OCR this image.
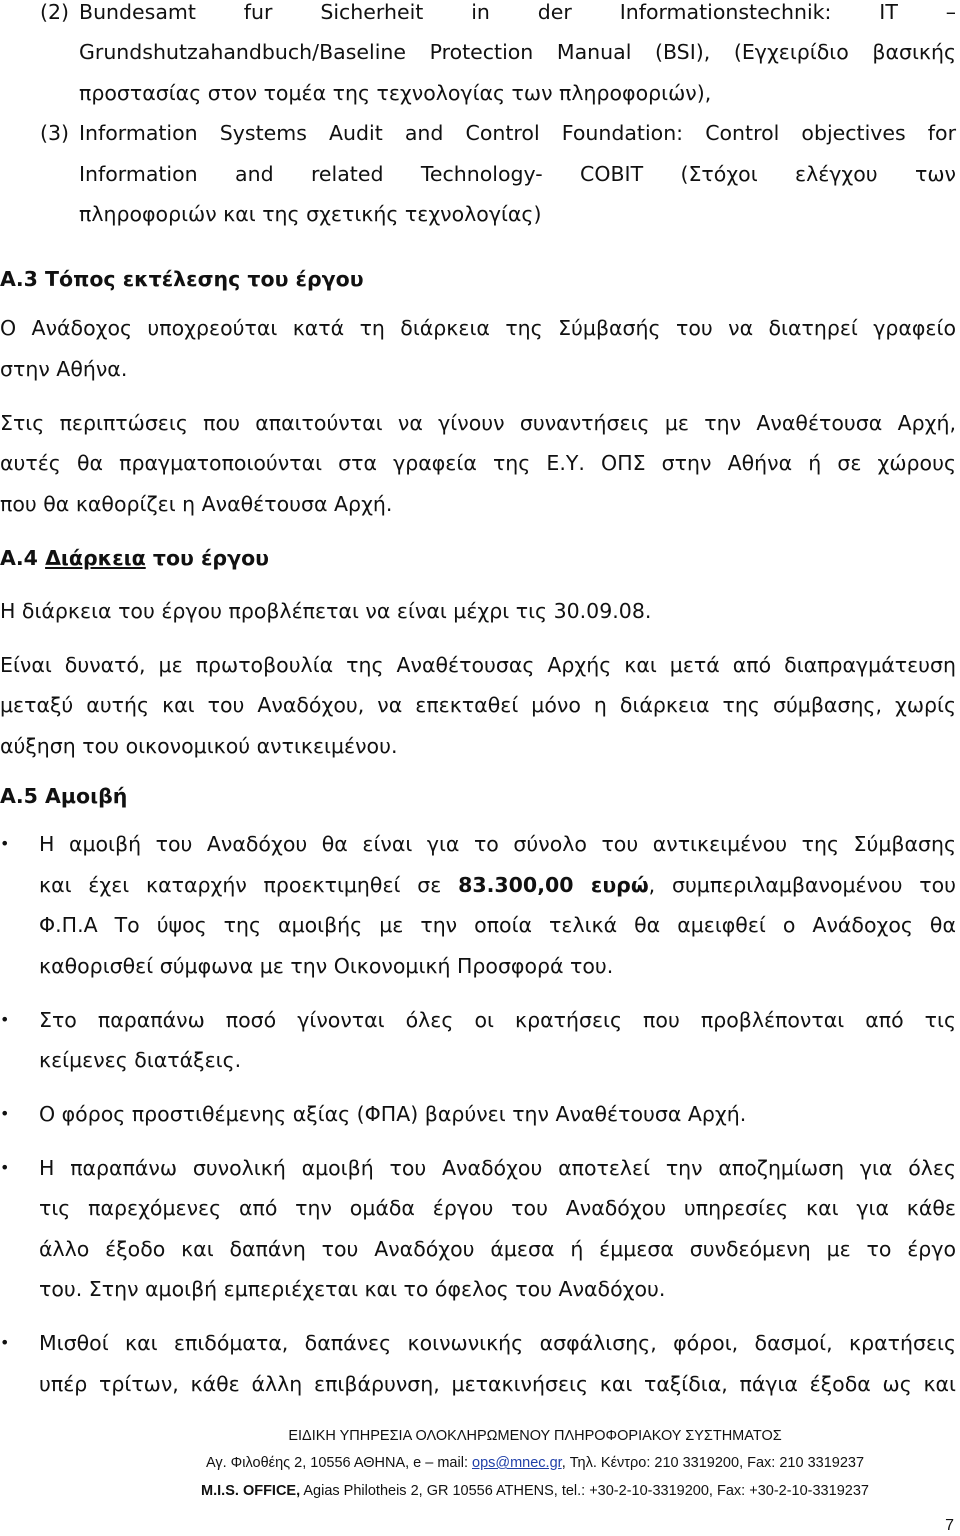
(2) Bundesamt fur Sicherheit in der Informationstechnik: IT –
Grundshutzahandbuch/Baseline Protection Manual (BSI), (Εγχειρίδιο βασικής
προστασίας στον τομέα της τεχνολογίας των πληροφοριών),
(3) Information Systems Audit and Control Foundation: Control objectives for
Information and related Technology- COBIT (Στόχοι ελέγχου των
πληροφοριών και της σχετικής τεχνολογίας)
Α.3 Τόπος εκτέλεσης του έργου
Ο Ανάδοχος υποχρεούται κατά τη διάρκεια της Σύμβασής του να διατηρεί γραφείο
στην Αθήνα.
Στις περιπτώσεις που απαιτούνται να γίνουν συναντήσεις με την Αναθέτουσα Αρχή,
αυτές θα πραγματοποιούνται στα γραφεία της Ε.Υ. ΟΠΣ στην Αθήνα ή σε χώρους
που θα καθορίζει η Αναθέτουσα Αρχή.
Α.4 Διάρκεια του έργου
Η διάρκεια του έργου προβλέπεται να είναι μέχρι τις 30.09.08.
Είναι δυνατό, με πρωτοβουλία της Αναθέτουσας Αρχής και μετά από διαπραγμάτευση
μεταξύ αυτής και του Αναδόχου, να επεκταθεί μόνο η διάρκεια της σύμβασης, χωρίς
αύξηση του οικονομικού αντικειμένου.
Α.5 Αμοιβή
•	Η αμοιβή του Αναδόχου θα είναι για το σύνολο του αντικειμένου της Σύμβασης
και έχει καταρχήν προεκτιμηθεί σε 83.300,00 ευρώ, συμπεριλαμβανομένου του
Φ.Π.Α Το ύψος της αμοιβής με την οποία τελικά θα αμειφθεί ο Ανάδοχος θα
καθορισθεί σύμφωνα με την Οικονομική Προσφορά του.
•	Στο παραπάνω ποσό γίνονται όλες οι κρατήσεις που προβλέπονται από τις
κείμενες διατάξεις.
•	Ο φόρος προστιθέμενης αξίας (ΦΠΑ) βαρύνει την Αναθέτουσα Αρχή.
•	Η παραπάνω συνολική αμοιβή του Αναδόχου αποτελεί την αποζημίωση για όλες
τις παρεχόμενες από την ομάδα έργου του Αναδόχου υπηρεσίες και για κάθε
άλλο έξοδο και δαπάνη του Αναδόχου άμεσα ή έμμεσα συνδεόμενη με το έργο
του. Στην αμοιβή εμπεριέχεται και το όφελος του Αναδόχου.
•	Μισθοί και επιδόματα, δαπάνες κοινωνικής ασφάλισης, φόροι, δασμοί, κρατήσεις
υπέρ τρίτων, κάθε άλλη επιβάρυνση, μετακινήσεις και ταξίδια, πάγια έξοδα ως και
ΕΙΔΙΚΗ ΥΠΗΡΕΣΙΑ ΟΛΟΚΛΗΡΩΜΕΝΟΥ ΠΛΗΡΟΦΟΡΙΑΚΟΥ ΣΥΣΤΗΜΑΤΟΣ
Αγ. Φιλοθέης 2, 10556 ΑΘΗΝΑ, e – mail: ops@mnec.gr, Τηλ. Κέντρο: 210 3319200, Fax: 210 3319237
M.I.S. OFFICE, Agias Philotheis 2, GR 10556 ATHENS, tel.: +30-2-10-3319200, Fax: +30-2-10-3319237
7
